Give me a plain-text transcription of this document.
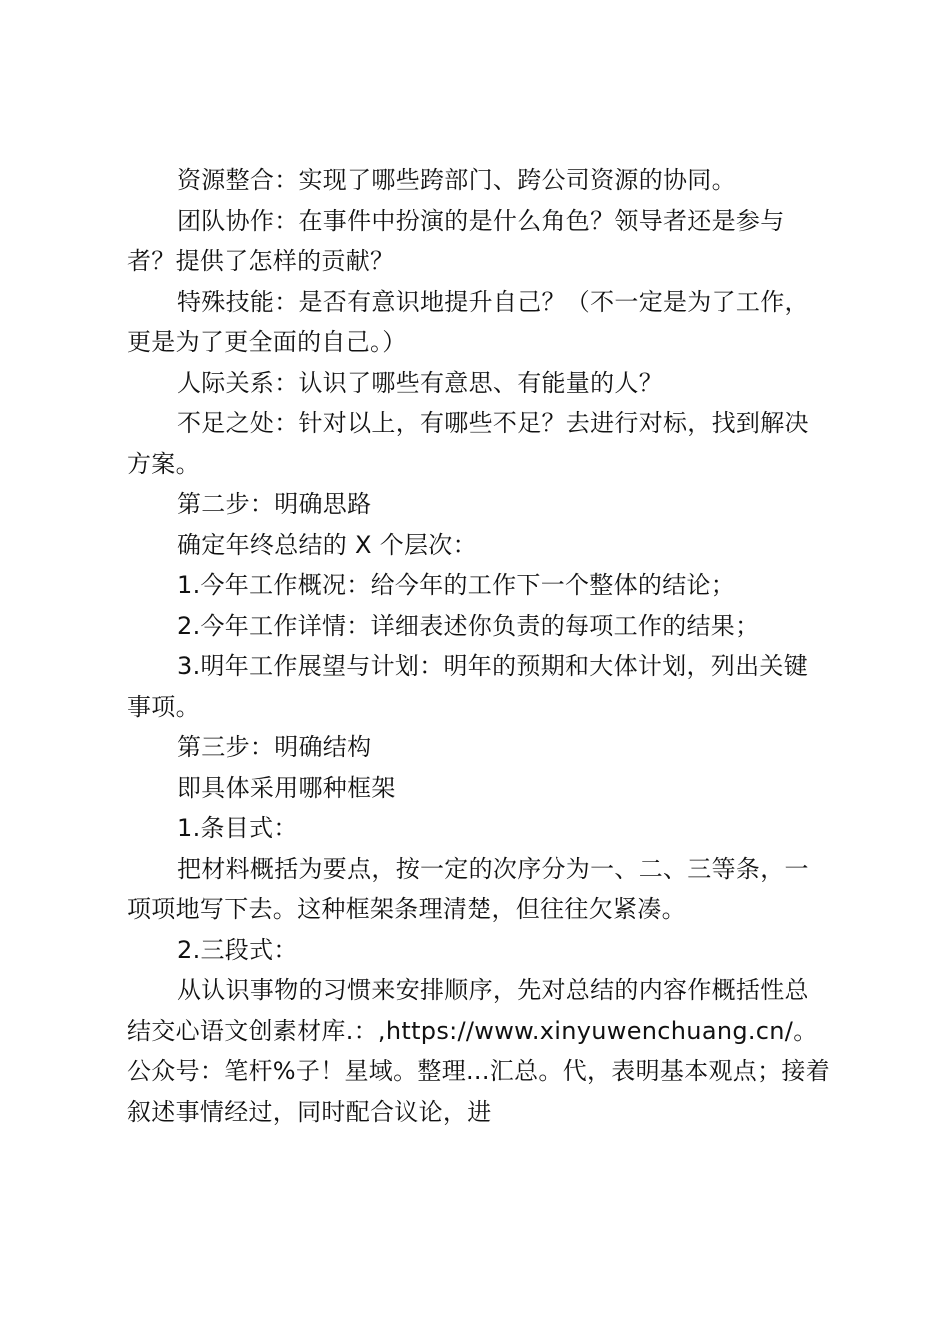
资源整合：实现了哪些跨部门、跨公司资源的协同。

团队协作：在事件中扮演的是什么角色？领导者还是参与者？提供了怎样的贡献？

特殊技能：是否有意识地提升自己？（不一定是为了工作，更是为了更全面的自己。）

人际关系：认识了哪些有意思、有能量的人？

不足之处：针对以上，有哪些不足？去进行对标，找到解决方案。

第二步：明确思路

确定年终总结的 X 个层次：

1.今年工作概况：给今年的工作下一个整体的结论；

2.今年工作详情：详细表述你负责的每项工作的结果；

3.明年工作展望与计划：明年的预期和大体计划，列出关键事项。

第三步：明确结构

即具体采用哪种框架

1.条目式：

把材料概括为要点，按一定的次序分为一、二、三等条，一项项地写下去。这种框架条理清楚，但往往欠紧凑。

2.三段式：

从认识事物的习惯来安排顺序，先对总结的内容作概括性总结交心语文创素材库.：,https://www.xinyuwenchuang.cn/。公众号：笔杆%子！星域。整理...汇总。代，表明基本观点；接着叙述事情经过，同时配合议论，进
